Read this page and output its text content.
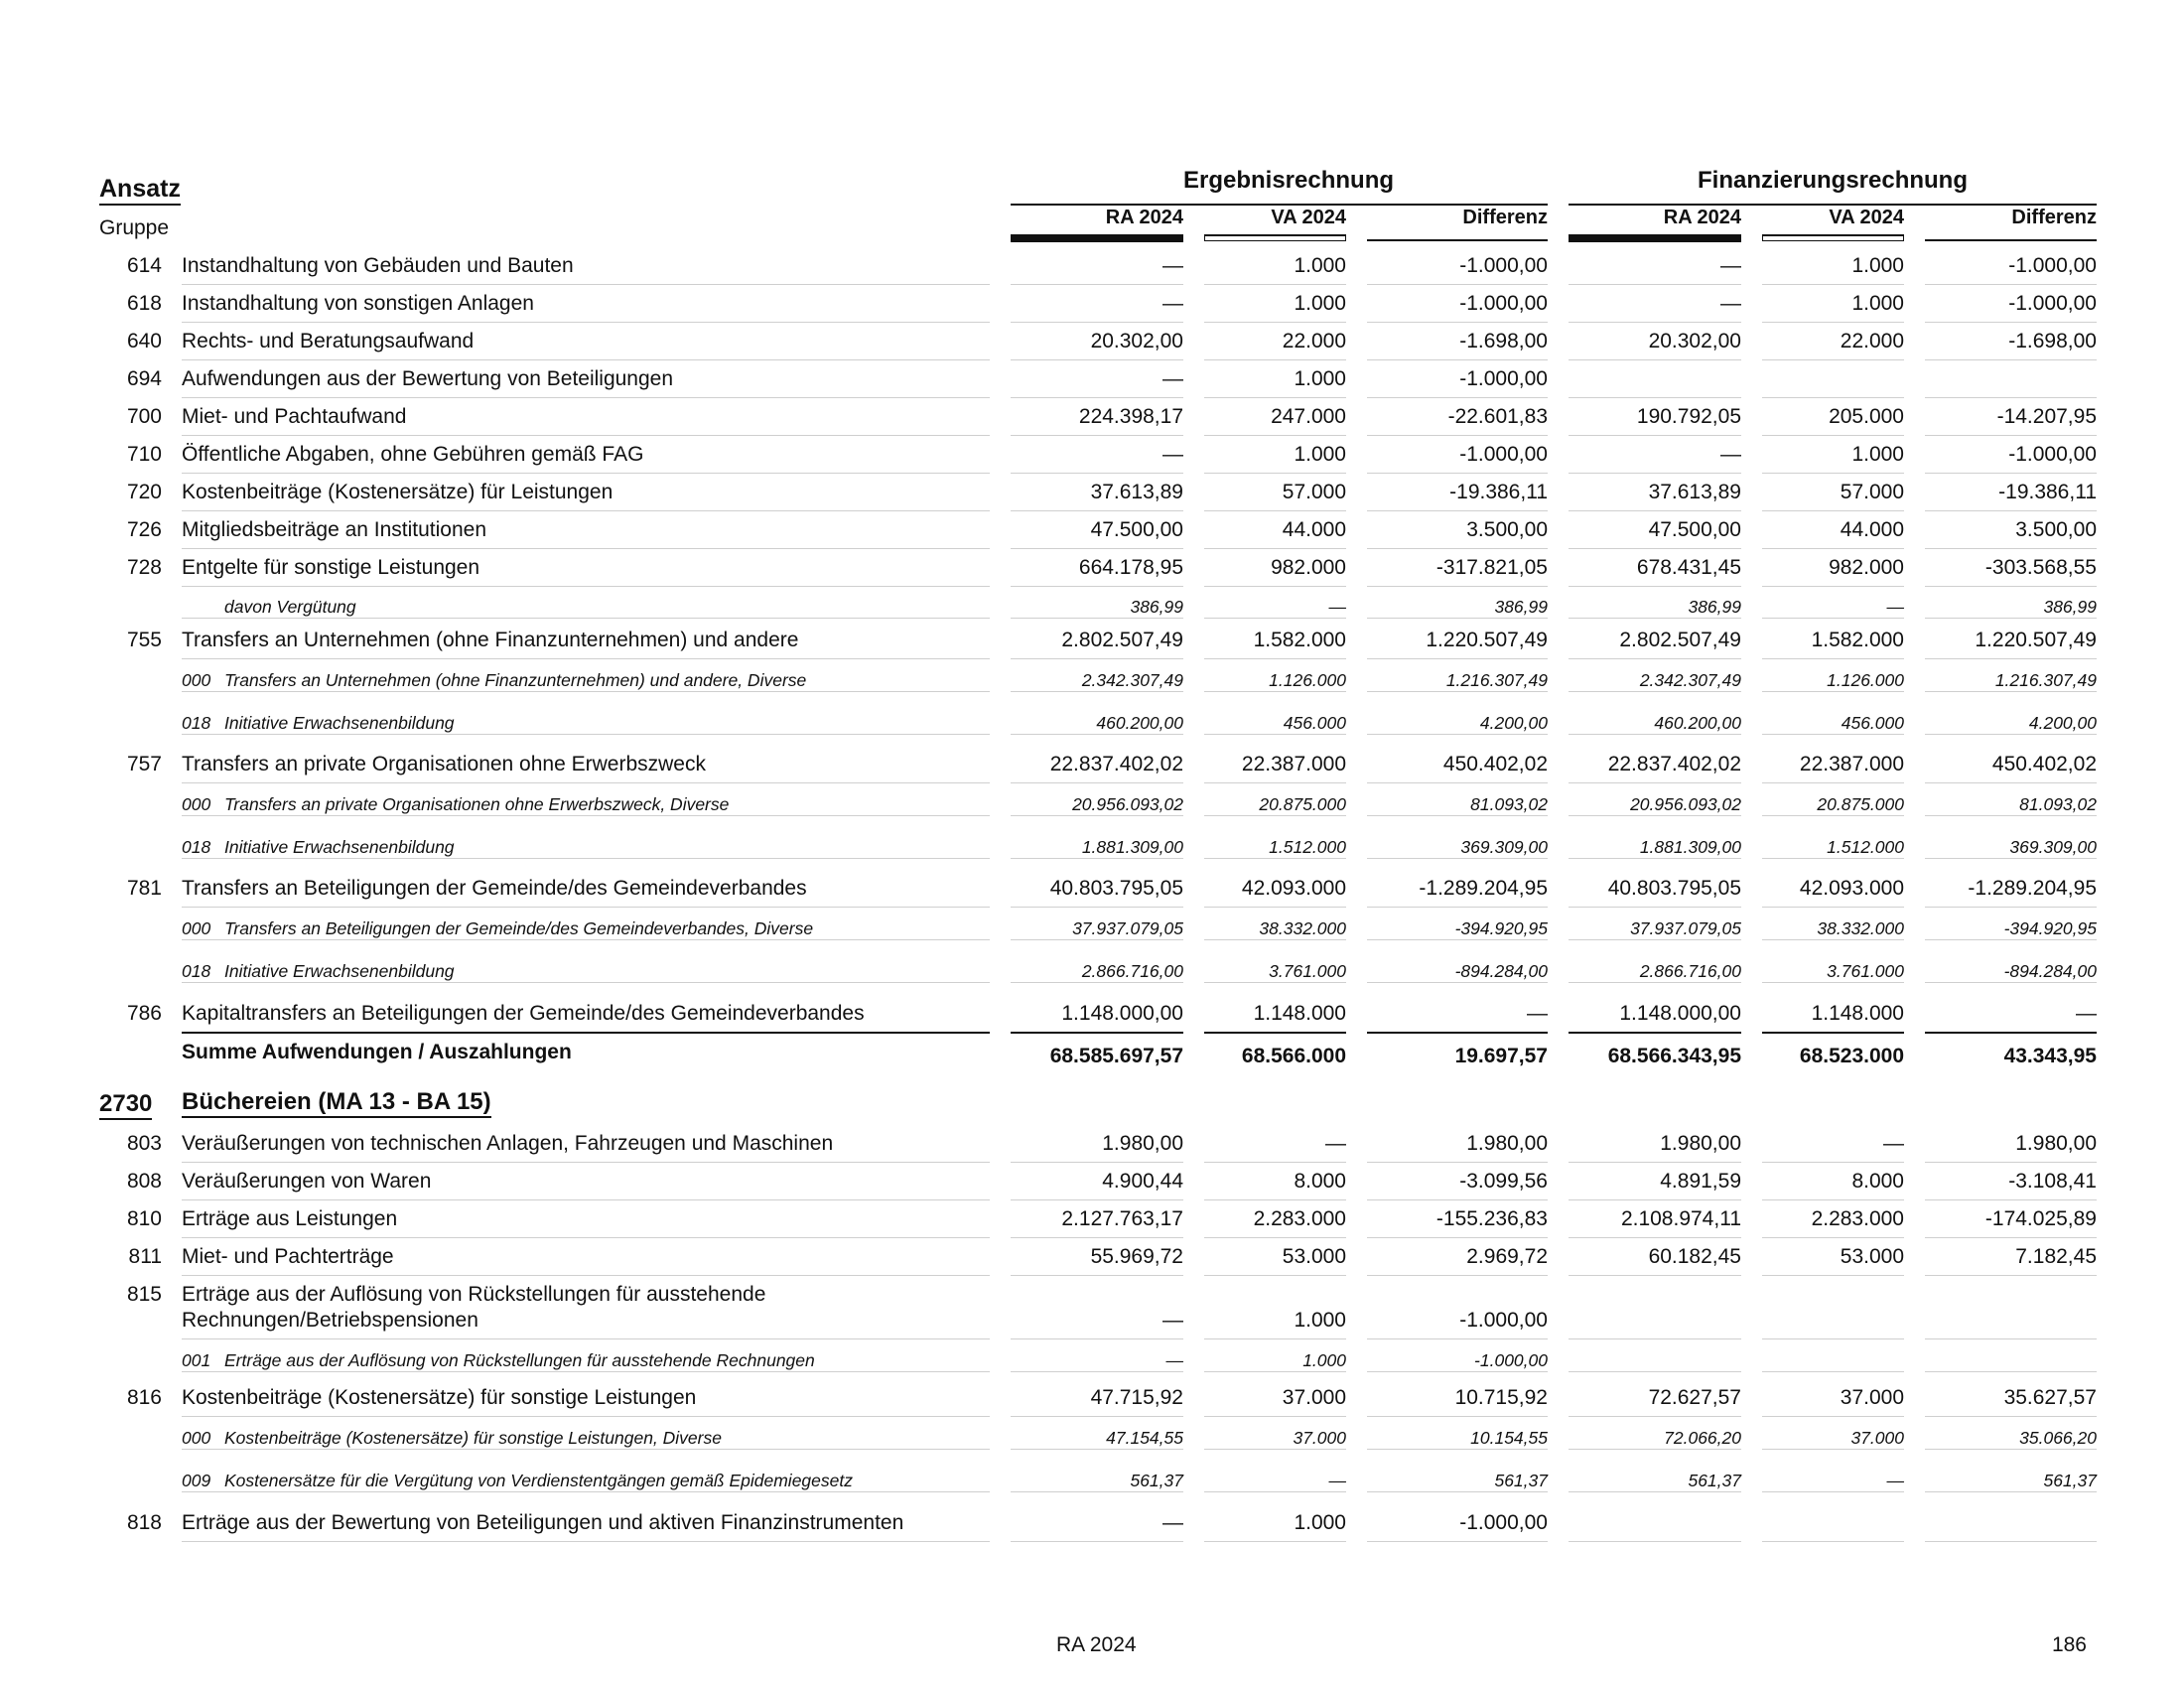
Ansatz
Gruppe
Ergebnisrechnung	Finanzierungsrechnung
RA 2024	VA 2024	Differenz	RA 2024	VA 2024	Differenz
614 Instandhaltung von Gebäuden und Bauten	—	1.000	-1.000,00	—	1.000	-1.000,00
618 Instandhaltung von sonstigen Anlagen	—	1.000	-1.000,00	—	1.000	-1.000,00
640 Rechts- und Beratungsaufwand	20.302,00	22.000	-1.698,00	20.302,00	22.000	-1.698,00
694 Aufwendungen aus der Bewertung von Beteiligungen	—	1.000	-1.000,00
700 Miet- und Pachtaufwand	224.398,17	247.000	-22.601,83	190.792,05	205.000	-14.207,95
710 Öffentliche Abgaben, ohne Gebühren gemäß FAG	—	1.000	-1.000,00	—	1.000	-1.000,00
720 Kostenbeiträge (Kostenersätze) für Leistungen	37.613,89	57.000	-19.386,11	37.613,89	57.000	-19.386,11
726 Mitgliedsbeiträge an Institutionen	47.500,00	44.000	3.500,00	47.500,00	44.000	3.500,00
728 Entgelte für sonstige Leistungen	664.178,95	982.000	-317.821,05	678.431,45	982.000	-303.568,55
davon Vergütung	386,99	—	386,99	386,99	—	386,99
755 Transfers an Unternehmen (ohne Finanzunternehmen) und andere	2.802.507,49	1.582.000	1.220.507,49	2.802.507,49	1.582.000	1.220.507,49
000 Transfers an Unternehmen (ohne Finanzunternehmen) und andere, Diverse	2.342.307,49	1.126.000	1.216.307,49	2.342.307,49	1.126.000	1.216.307,49
018 Initiative Erwachsenenbildung	460.200,00	456.000	4.200,00	460.200,00	456.000	4.200,00
757 Transfers an private Organisationen ohne Erwerbszweck	22.837.402,02	22.387.000	450.402,02	22.837.402,02	22.387.000	450.402,02
000 Transfers an private Organisationen ohne Erwerbszweck, Diverse	20.956.093,02	20.875.000	81.093,02	20.956.093,02	20.875.000	81.093,02
018 Initiative Erwachsenenbildung	1.881.309,00	1.512.000	369.309,00	1.881.309,00	1.512.000	369.309,00
781 Transfers an Beteiligungen der Gemeinde/des Gemeindeverbandes	40.803.795,05	42.093.000	-1.289.204,95	40.803.795,05	42.093.000	-1.289.204,95
000 Transfers an Beteiligungen der Gemeinde/des Gemeindeverbandes, Diverse	37.937.079,05	38.332.000	-394.920,95	37.937.079,05	38.332.000	-394.920,95
018 Initiative Erwachsenenbildung	2.866.716,00	3.761.000	-894.284,00	2.866.716,00	3.761.000	-894.284,00
786 Kapitaltransfers an Beteiligungen der Gemeinde/des Gemeindeverbandes	1.148.000,00	1.148.000	—	1.148.000,00	1.148.000	—
Summe Aufwendungen / Auszahlungen	68.585.697,57	68.566.000	19.697,57	68.566.343,95	68.523.000	43.343,95
2730 Büchereien (MA 13 - BA 15)
803 Veräußerungen von technischen Anlagen, Fahrzeugen und Maschinen	1.980,00	—	1.980,00	1.980,00	—	1.980,00
808 Veräußerungen von Waren	4.900,44	8.000	-3.099,56	4.891,59	8.000	-3.108,41
810 Erträge aus Leistungen	2.127.763,17	2.283.000	-155.236,83	2.108.974,11	2.283.000	-174.025,89
811 Miet- und Pachterträge	55.969,72	53.000	2.969,72	60.182,45	53.000	7.182,45
815 Erträge aus der Auflösung von Rückstellungen für ausstehende
Rechnungen/Betriebspensionen	—	1.000	-1.000,00
001 Erträge aus der Auflösung von Rückstellungen für ausstehende Rechnungen	—	1.000	-1.000,00
816 Kostenbeiträge (Kostenersätze) für sonstige Leistungen	47.715,92	37.000	10.715,92	72.627,57	37.000	35.627,57
000 Kostenbeiträge (Kostenersätze) für sonstige Leistungen, Diverse	47.154,55	37.000	10.154,55	72.066,20	37.000	35.066,20
009 Kostenersätze für die Vergütung von Verdienstentgängen gemäß Epidemiegesetz	561,37	—	561,37	561,37	—	561,37
818 Erträge aus der Bewertung von Beteiligungen und aktiven Finanzinstrumenten	—	1.000	-1.000,00
RA 2024	186
